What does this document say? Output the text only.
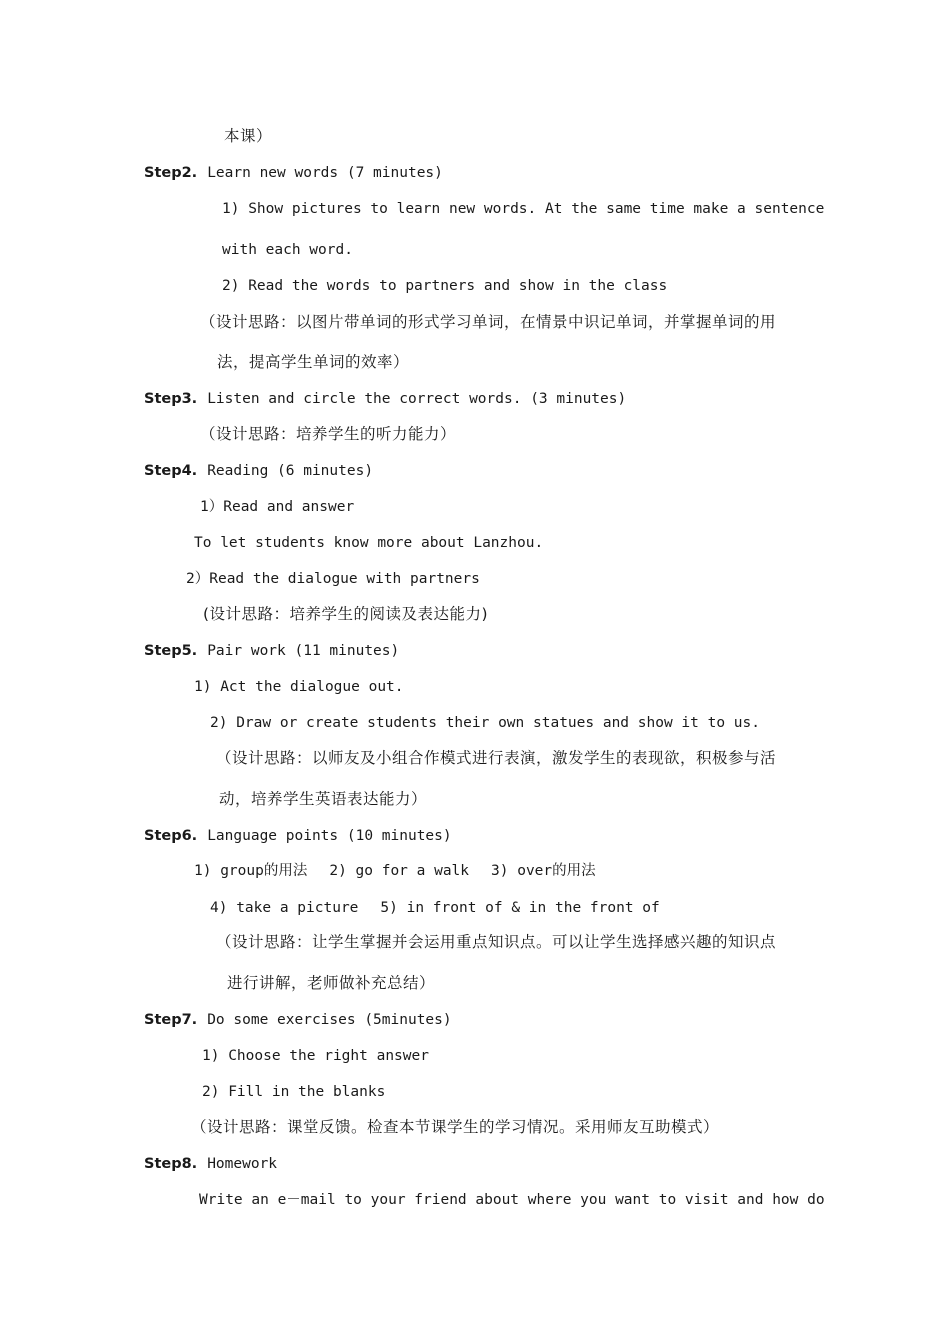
本课）
Step2. Learn new words (7 minutes)
1) Show pictures to learn new words. At the same time make a sentence
with each word.
2) Read the words to partners and show in the class
（设计思路：以图片带单词的形式学习单词，在情景中识记单词，并掌握单词的用
法，提高学生单词的效率）
Step3. Listen and circle the correct words. (3 minutes)
（设计思路：培养学生的听力能力）
Step4. Reading (6 minutes)
1）Read and answer
To let students know more about Lanzhou.
2）Read the dialogue with partners
(设计思路：培养学生的阅读及表达能力)
Step5. Pair work (11 minutes)
1) Act the dialogue out.
2) Draw or create students their own statues and show it to us.
（设计思路：以师友及小组合作模式进行表演，激发学生的表现欲，积极参与活
动，培养学生英语表达能力）
Step6. Language points (10 minutes)
1) group的用法 2) go for a walk 3) over的用法
4) take a picture 5) in front of & in the front of
（设计思路：让学生掌握并会运用重点知识点。可以让学生选择感兴趣的知识点
进行讲解，老师做补充总结）
Step7. Do some exercises (5minutes)
1) Choose the right answer
2) Fill in the blanks
（设计思路：课堂反馈。检查本节课学生的学习情况。采用师友互助模式）
Step8. Homework
Write an e－mail to your friend about where you want to visit and how do
